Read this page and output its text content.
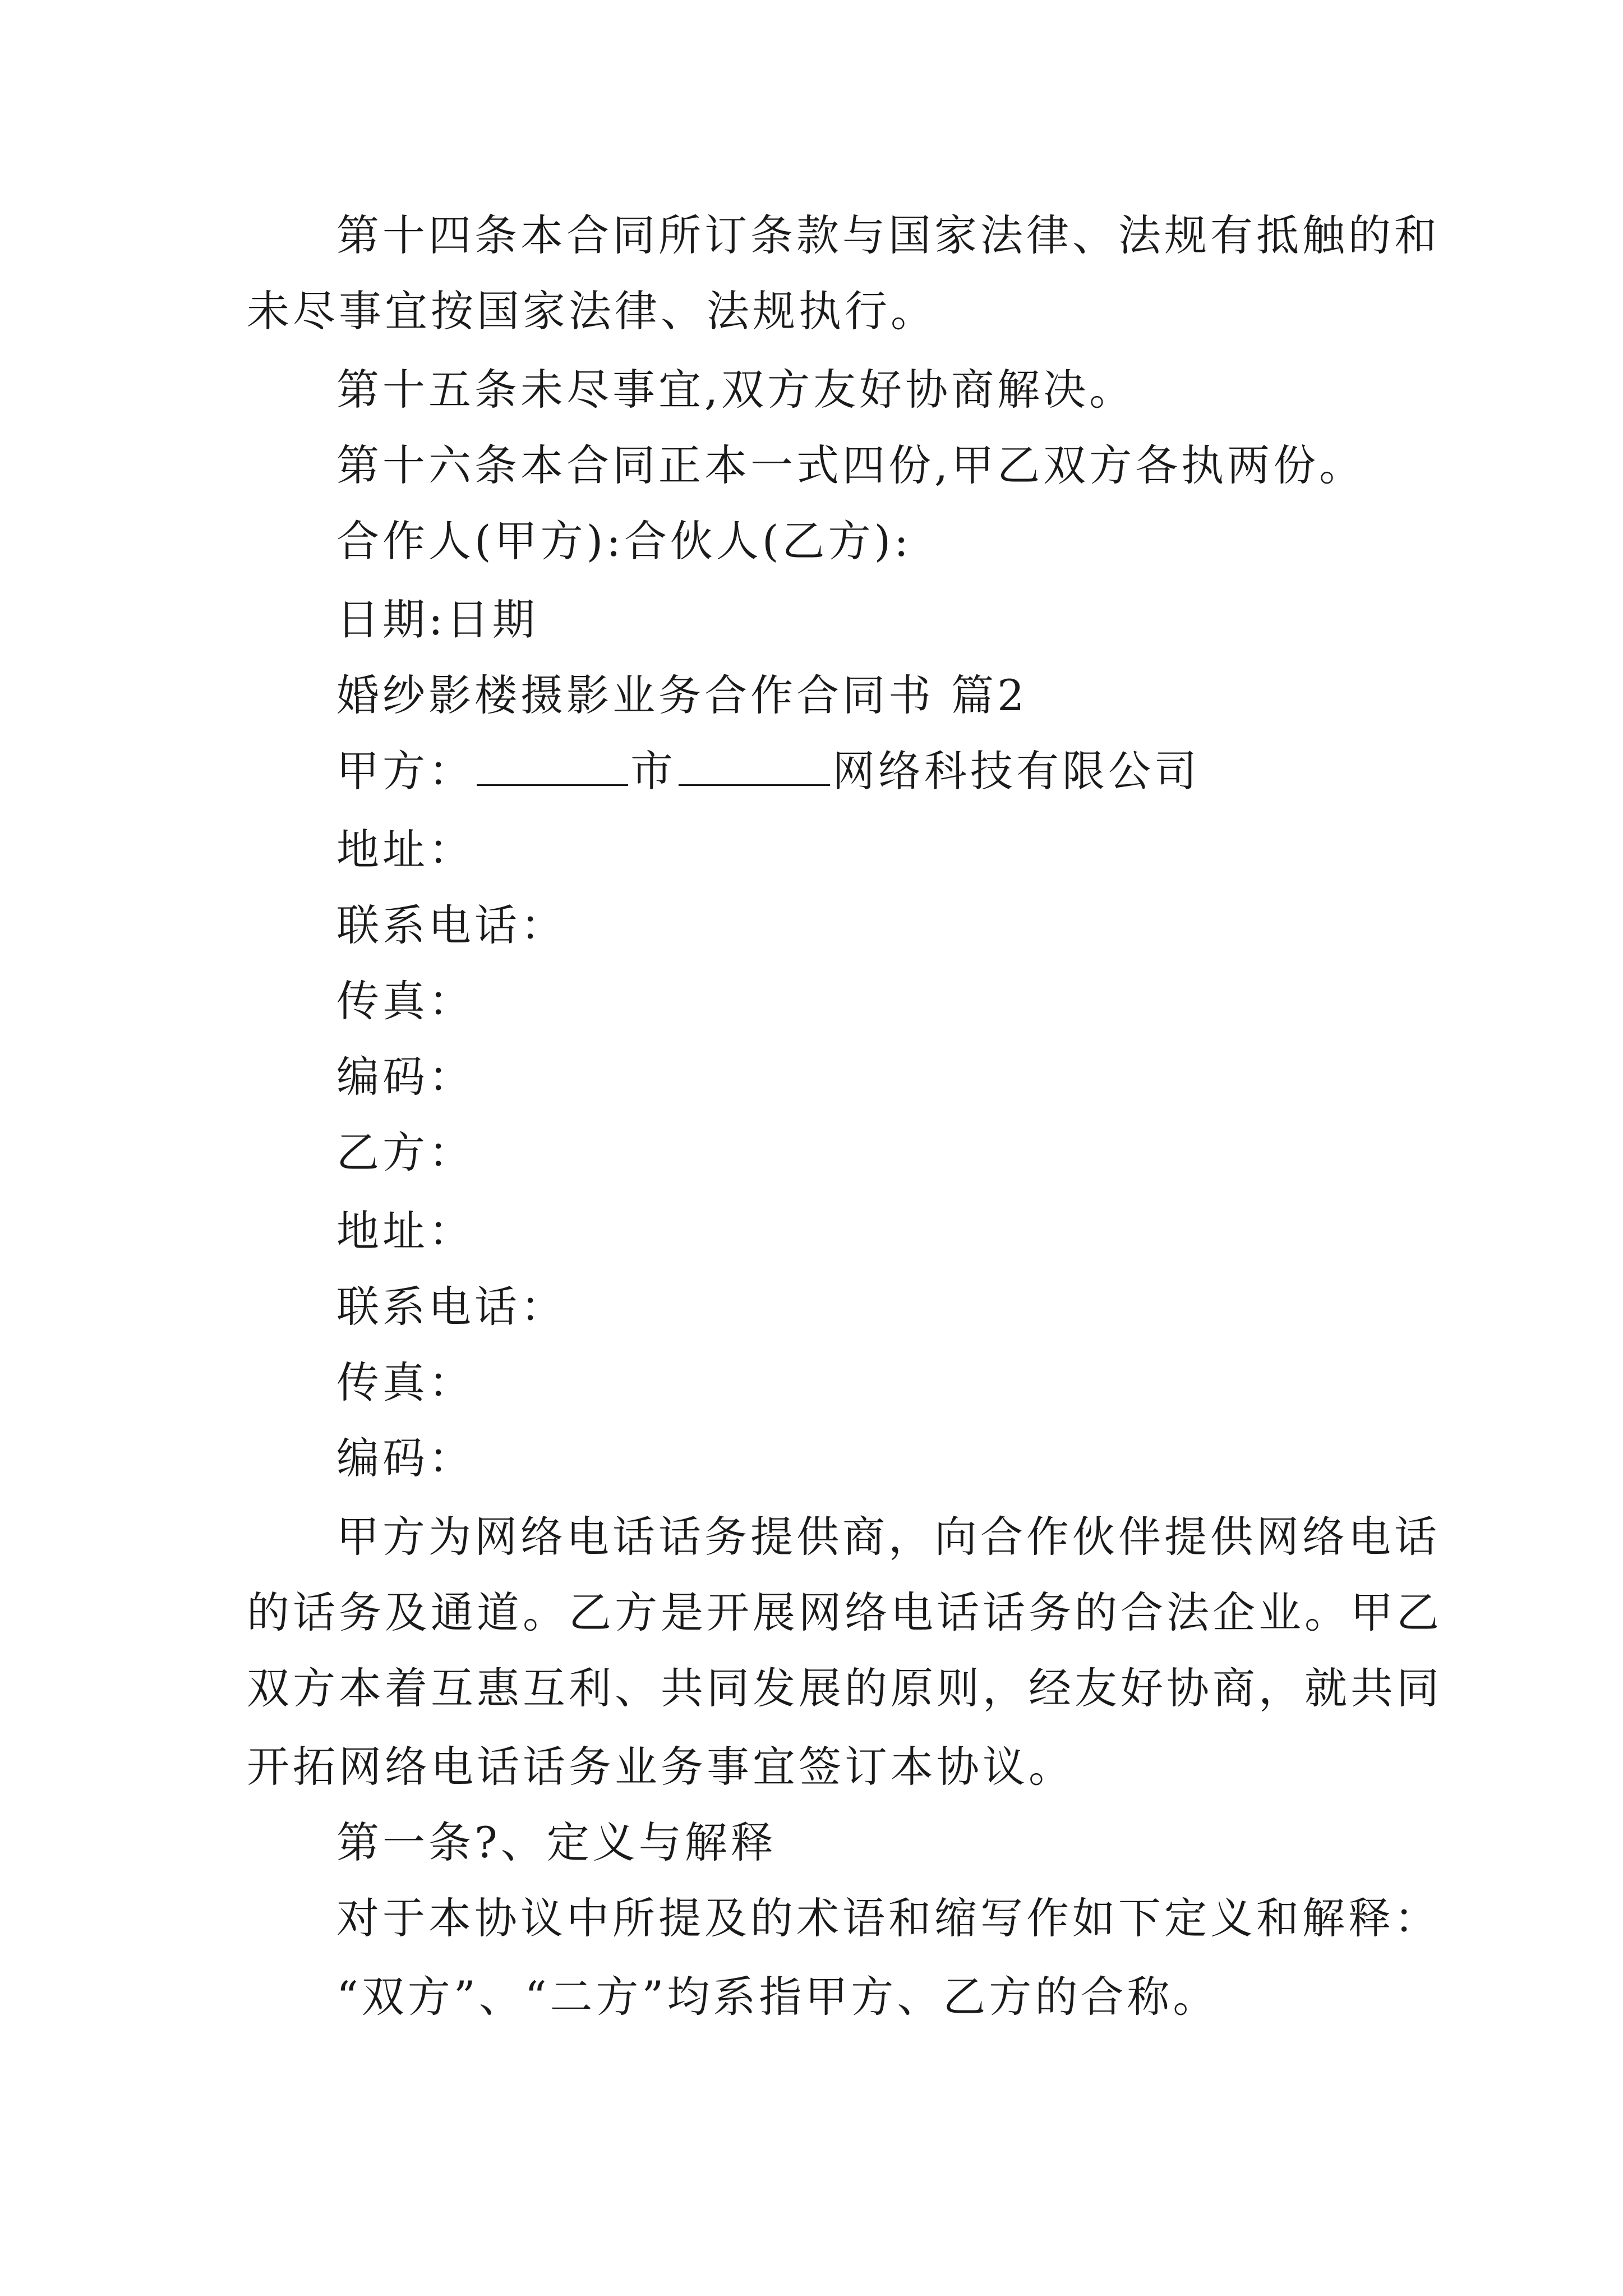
第十四条本合同所订条款与国家法律、法规有抵触的和
未尽事宜按国家法律、法规执行。
第十五条未尽事宜,双方友好协商解决。
第十六条本合同正本一式四份,甲乙双方各执两份。
合作人(甲方):合伙人(乙方):
日期:日期
婚纱影楼摄影业务合作合同书 篇2
甲方：	市	网络科技有限公司
地址：
联系电话：
传真：
编码：
乙方：
地址：
联系电话：
传真：
编码：
甲方为网络电话话务提供商，向合作伙伴提供网络电话
的话务及通道。乙方是开展网络电话话务的合法企业。甲乙
双方本着互惠互利、共同发展的原则，经友好协商，就共同
开拓网络电话话务业务事宜签订本协议。
第一条?、定义与解释
对于本协议中所提及的术语和缩写作如下定义和解释：
“双方”、“二方”均系指甲方、乙方的合称。
